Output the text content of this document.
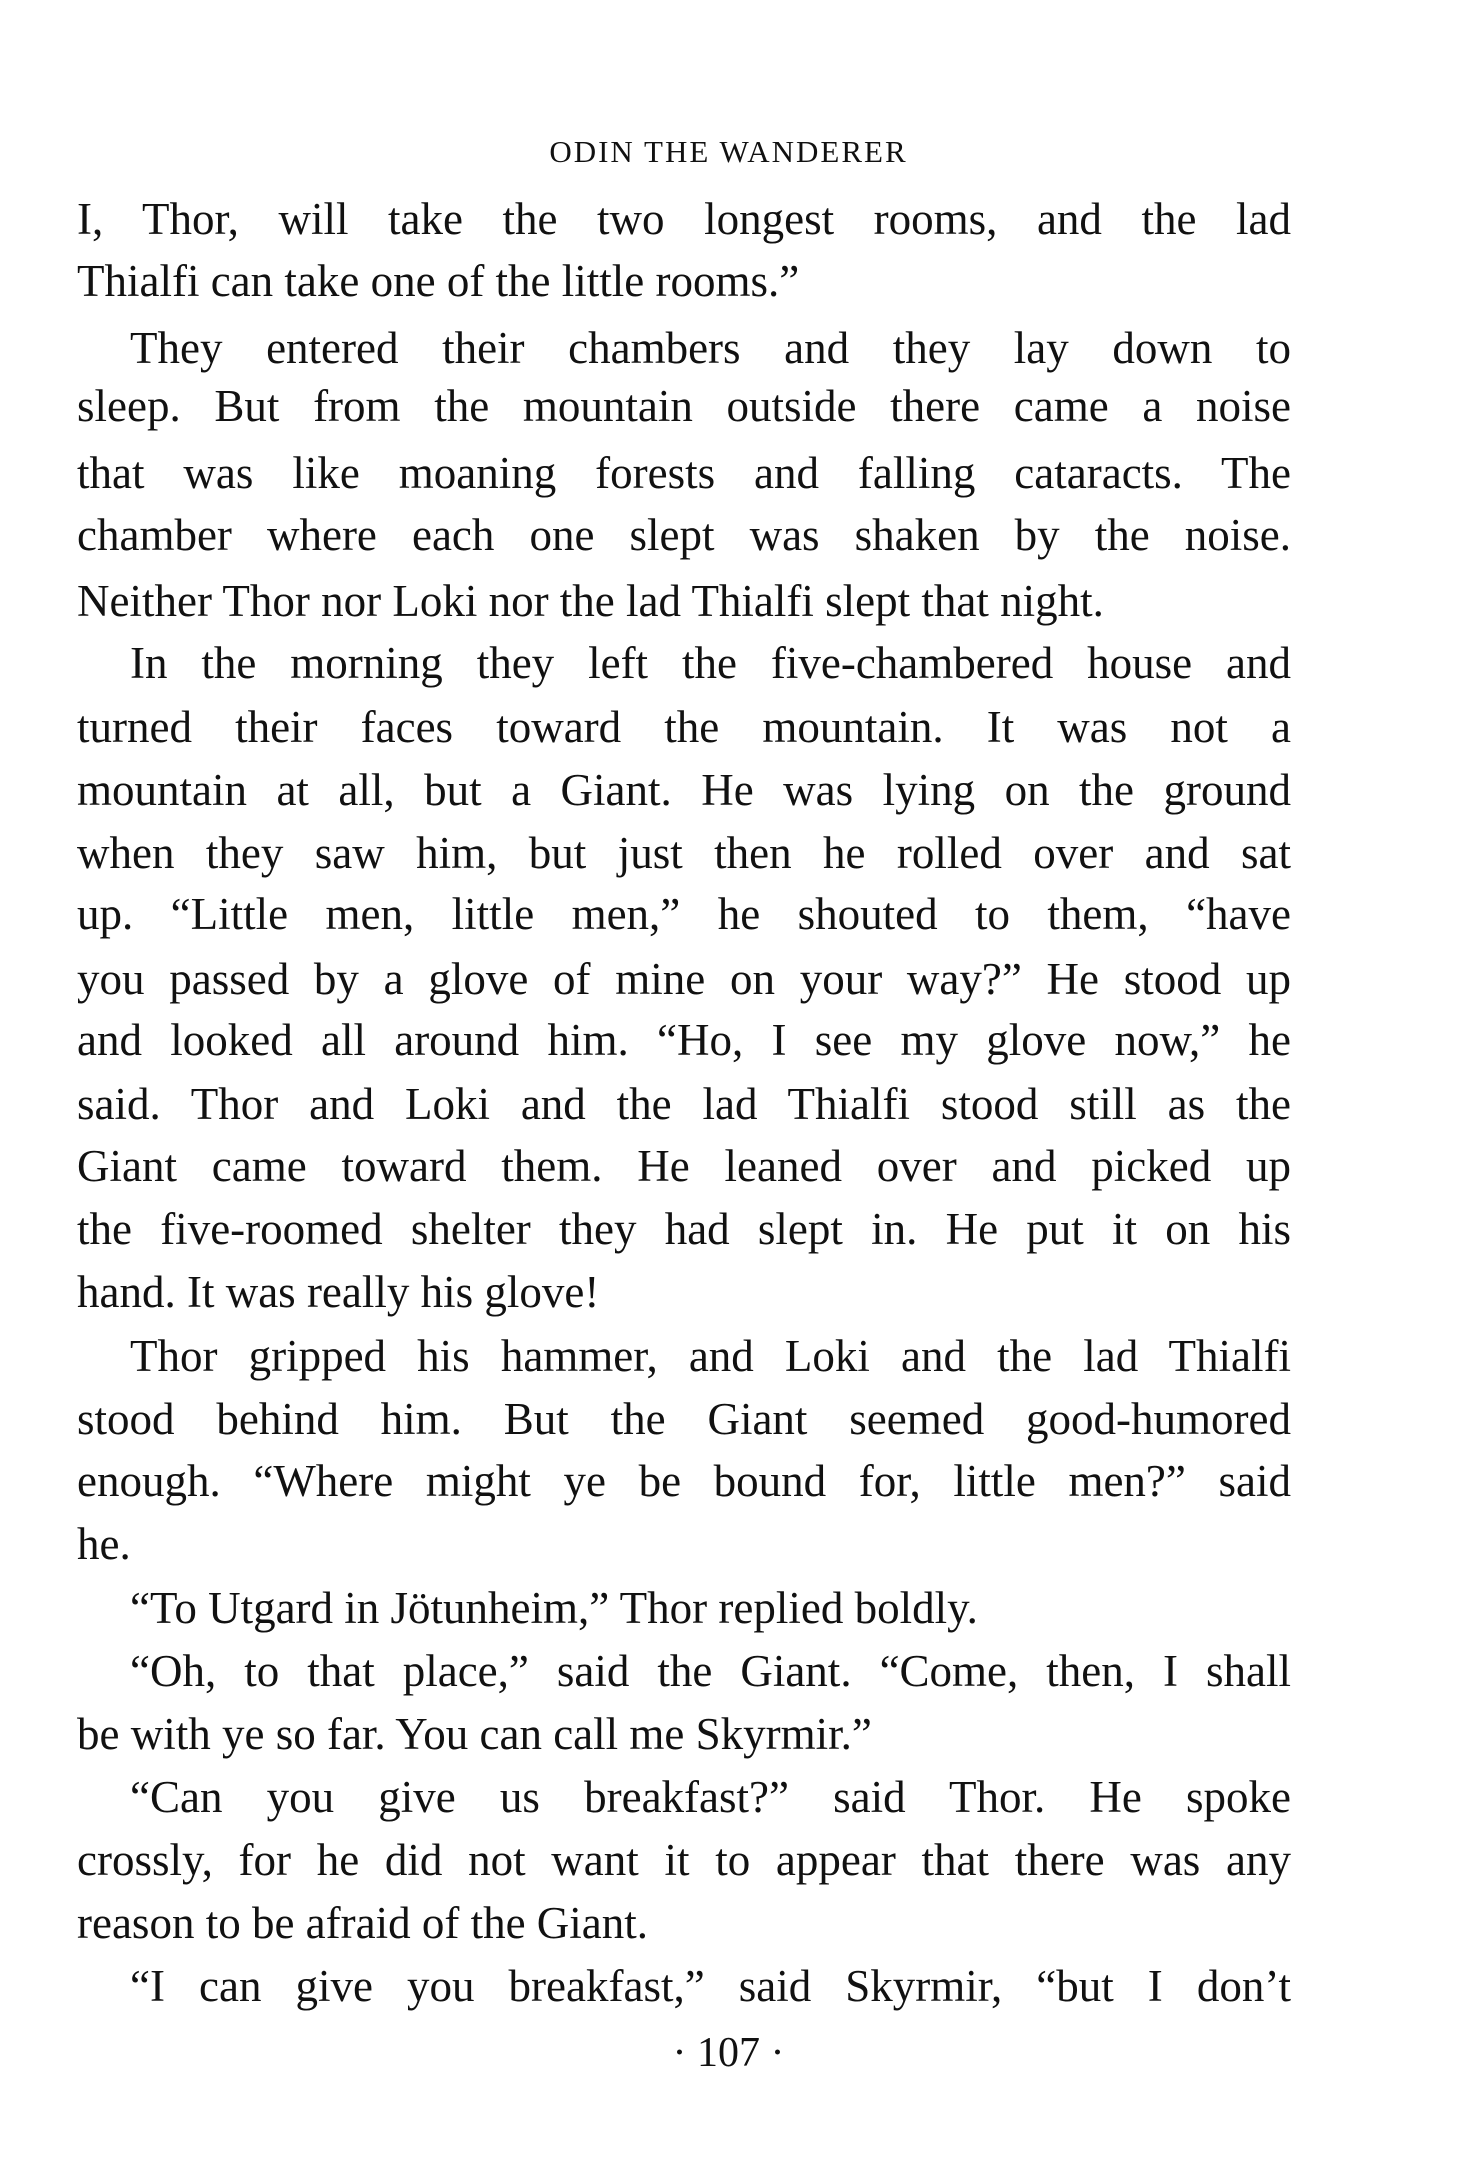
ODIN THE WANDERER
I, Thor, will take the two longest rooms, and the lad
Thialfi can take one of the little rooms.”
They entered their chambers and they lay down to
sleep. But from the mountain outside there came a noise
that was like moaning forests and falling cataracts. The
chamber where each one slept was shaken by the noise.
Neither Thor nor Loki nor the lad Thialfi slept that night.
In the morning they left the five-chambered house and
turned their faces toward the mountain. It was not a
mountain at all, but a Giant. He was lying on the ground
when they saw him, but just then he rolled over and sat
up. “Little men, little men,” he shouted to them, “have
you passed by a glove of mine on your way?” He stood up
and looked all around him. “Ho, I see my glove now,” he
said. Thor and Loki and the lad Thialfi stood still as the
Giant came toward them. He leaned over and picked up
the five-roomed shelter they had slept in. He put it on his
hand. It was really his glove!
Thor gripped his hammer, and Loki and the lad Thialfi
stood behind him. But the Giant seemed good-humored
enough. “Where might ye be bound for, little men?” said
he.
“To Utgard in Jötunheim,” Thor replied boldly.
“Oh, to that place,” said the Giant. “Come, then, I shall
be with ye so far. You can call me Skyrmir.”
“Can you give us breakfast?” said Thor. He spoke
crossly, for he did not want it to appear that there was any
reason to be afraid of the Giant.
“I can give you breakfast,” said Skyrmir, “but I don’t
· 107 ·
